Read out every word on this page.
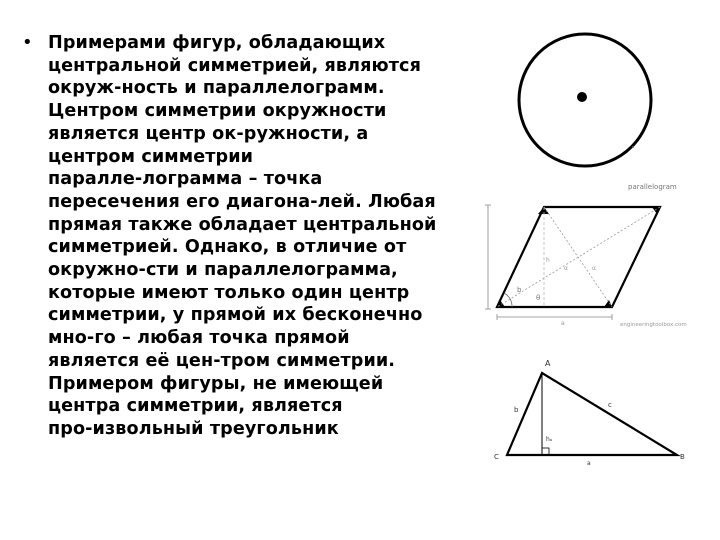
• Примерами фигур, обладающих
центральной симметрией, являются
окруж-ность и параллелограмм.
Центром симметрии окружности
является центр ок-ружности, а
центром симметрии
паралле-лограмма – точка
пересечения его диагона-лей. Любая
прямая также обладает центральной
симметрией. Однако, в отличие от
окружно-сти и параллелограмма,
которые имеют только один центр
симметрии, у прямой их бесконечно
мно-го – любая точка прямой
является её цен-тром симметрии.
Примером фигуры, не имеющей
центра симметрии, является
про-извольный треугольник
parallelogram
b
h
θ
α	α
a	engineeringtoolbox.com
A
B
C
b
c
hₐ
a
